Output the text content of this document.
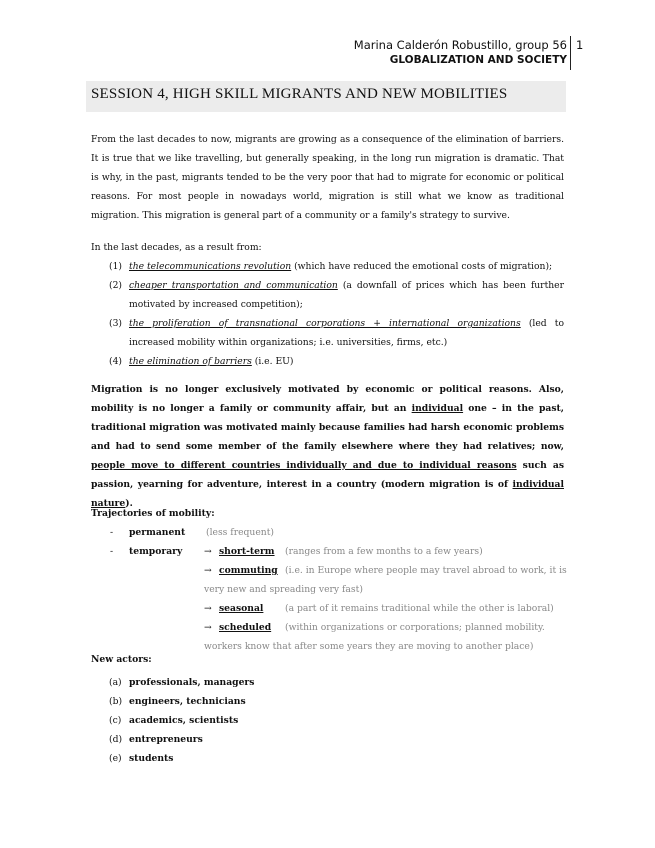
Marina Calderón Robustillo, group 56
GLOBALIZATION AND SOCIETY
1
SESSION 4, HIGH SKILL MIGRANTS AND NEW MOBILITIES

From the last decades to now, migrants are growing as a consequence of the elimination of barriers. It is true that we like travelling, but generally speaking, in the long run migration is dramatic. That is why, in the past, migrants tended to be the very poor that had to migrate for economic or political reasons. For most people in nowadays world, migration is still what we know as traditional migration. This migration is general part of a community or a family's strategy to survive.

In the last decades, as a result from:
(1) the telecommunications revolution (which have reduced the emotional costs of migration);
(2) cheaper transportation and communication (a downfall of prices which has been further motivated by increased competition);
(3) the proliferation of transnational corporations + international organizations (led to increased mobility within organizations; i.e. universities, firms, etc.)
(4) the elimination of barriers (i.e. EU)

Migration is no longer exclusively motivated by economic or political reasons. Also, mobility is no longer a family or community affair, but an individual one – in the past, traditional migration was motivated mainly because families had harsh economic problems and had to send some member of the family elsewhere where they had relatives; now, people move to different countries individually and due to individual reasons such as passion, yearning for adventure, interest in a country (modern migration is of individual nature).

Trajectories of mobility:
- permanent (less frequent)
- temporary → short-term (ranges from a few months to a few years)
→ commuting (i.e. in Europe where people may travel abroad to work, it is
very new and spreading very fast)
→ seasonal (a part of it remains traditional while the other is laboral)
→ scheduled (within organizations or corporations; planned mobility.
workers know that after some years they are moving to another place)
New actors:
(a) professionals, managers
(b) engineers, technicians
(c) academics, scientists
(d) entrepreneurs
(e) students
